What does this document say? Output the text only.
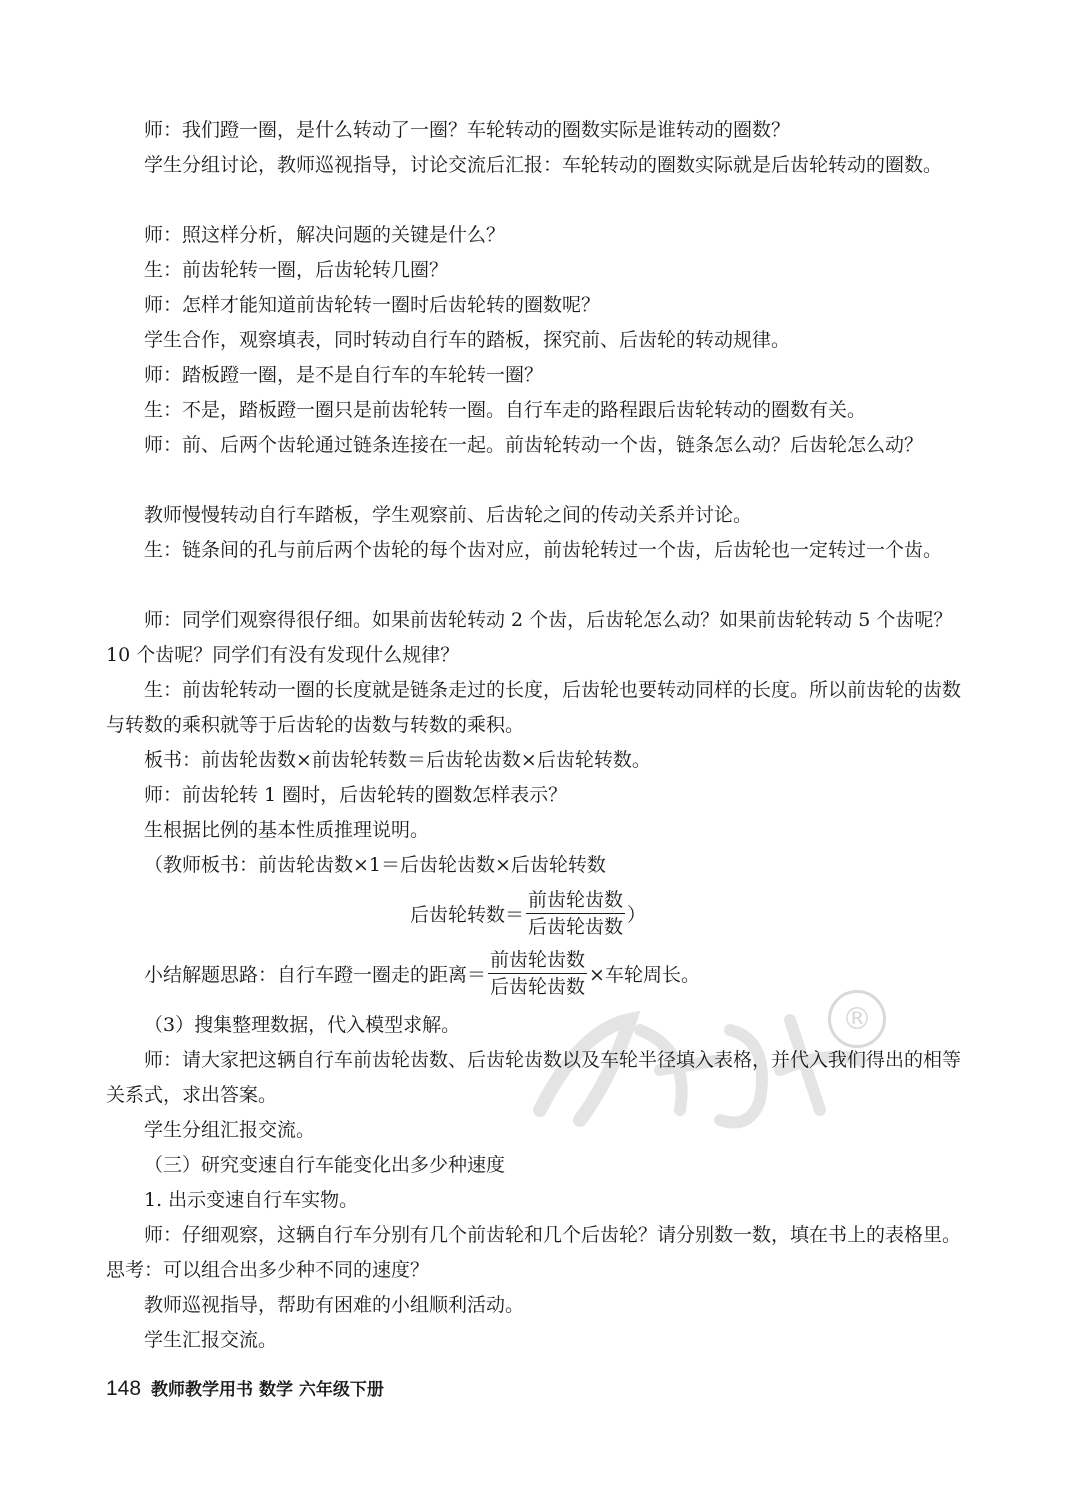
师：我们蹬一圈，是什么转动了一圈？车轮转动的圈数实际是谁转动的圈数？

学生分组讨论，教师巡视指导，讨论交流后汇报：车轮转动的圈数实际就是后齿轮转动的圈数。

师：照这样分析，解决问题的关键是什么？

生：前齿轮转一圈，后齿轮转几圈？

师：怎样才能知道前齿轮转一圈时后齿轮转的圈数呢？

学生合作，观察填表，同时转动自行车的踏板，探究前、后齿轮的转动规律。

师：踏板蹬一圈，是不是自行车的车轮转一圈？

生：不是，踏板蹬一圈只是前齿轮转一圈。自行车走的路程跟后齿轮转动的圈数有关。

师：前、后两个齿轮通过链条连接在一起。前齿轮转动一个齿，链条怎么动？后齿轮怎么动？

教师慢慢转动自行车踏板，学生观察前、后齿轮之间的传动关系并讨论。

生：链条间的孔与前后两个齿轮的每个齿对应，前齿轮转过一个齿，后齿轮也一定转过一个齿。

师：同学们观察得很仔细。如果前齿轮转动 2 个齿，后齿轮怎么动？如果前齿轮转动 5 个齿呢？10 个齿呢？同学们有没有发现什么规律？

生：前齿轮转动一圈的长度就是链条走过的长度，后齿轮也要转动同样的长度。所以前齿轮的齿数与转数的乘积就等于后齿轮的齿数与转数的乘积。

板书：前齿轮齿数×前齿轮转数＝后齿轮齿数×后齿轮转数。

师：前齿轮转 1 圈时，后齿轮转的圈数怎样表示？

生根据比例的基本性质推理说明。

（教师板书：前齿轮齿数×1＝后齿轮齿数×后齿轮转数

后齿轮转数＝ $\frac{\text{前齿轮齿数}}{\text{后齿轮齿数}}$ ）
小结解题思路：自行车蹬一圈走的距离＝ $\frac{\text{前齿轮齿数}}{\text{后齿轮齿数}}$ ×车轮周长。

（3）搜集整理数据，代入模型求解。

师：请大家把这辆自行车前齿轮齿数、后齿轮齿数以及车轮半径填入表格，并代入我们得出的相等关系式，求出答案。

学生分组汇报交流。

（三）研究变速自行车能变化出多少种速度

1. 出示变速自行车实物。

师：仔细观察，这辆自行车分别有几个前齿轮和几个后齿轮？请分别数一数，填在书上的表格里。思考：可以组合出多少种不同的速度？

教师巡视指导，帮助有困难的小组顺利活动。

学生汇报交流。

®
148 教师教学用书 数学 六年级下册
